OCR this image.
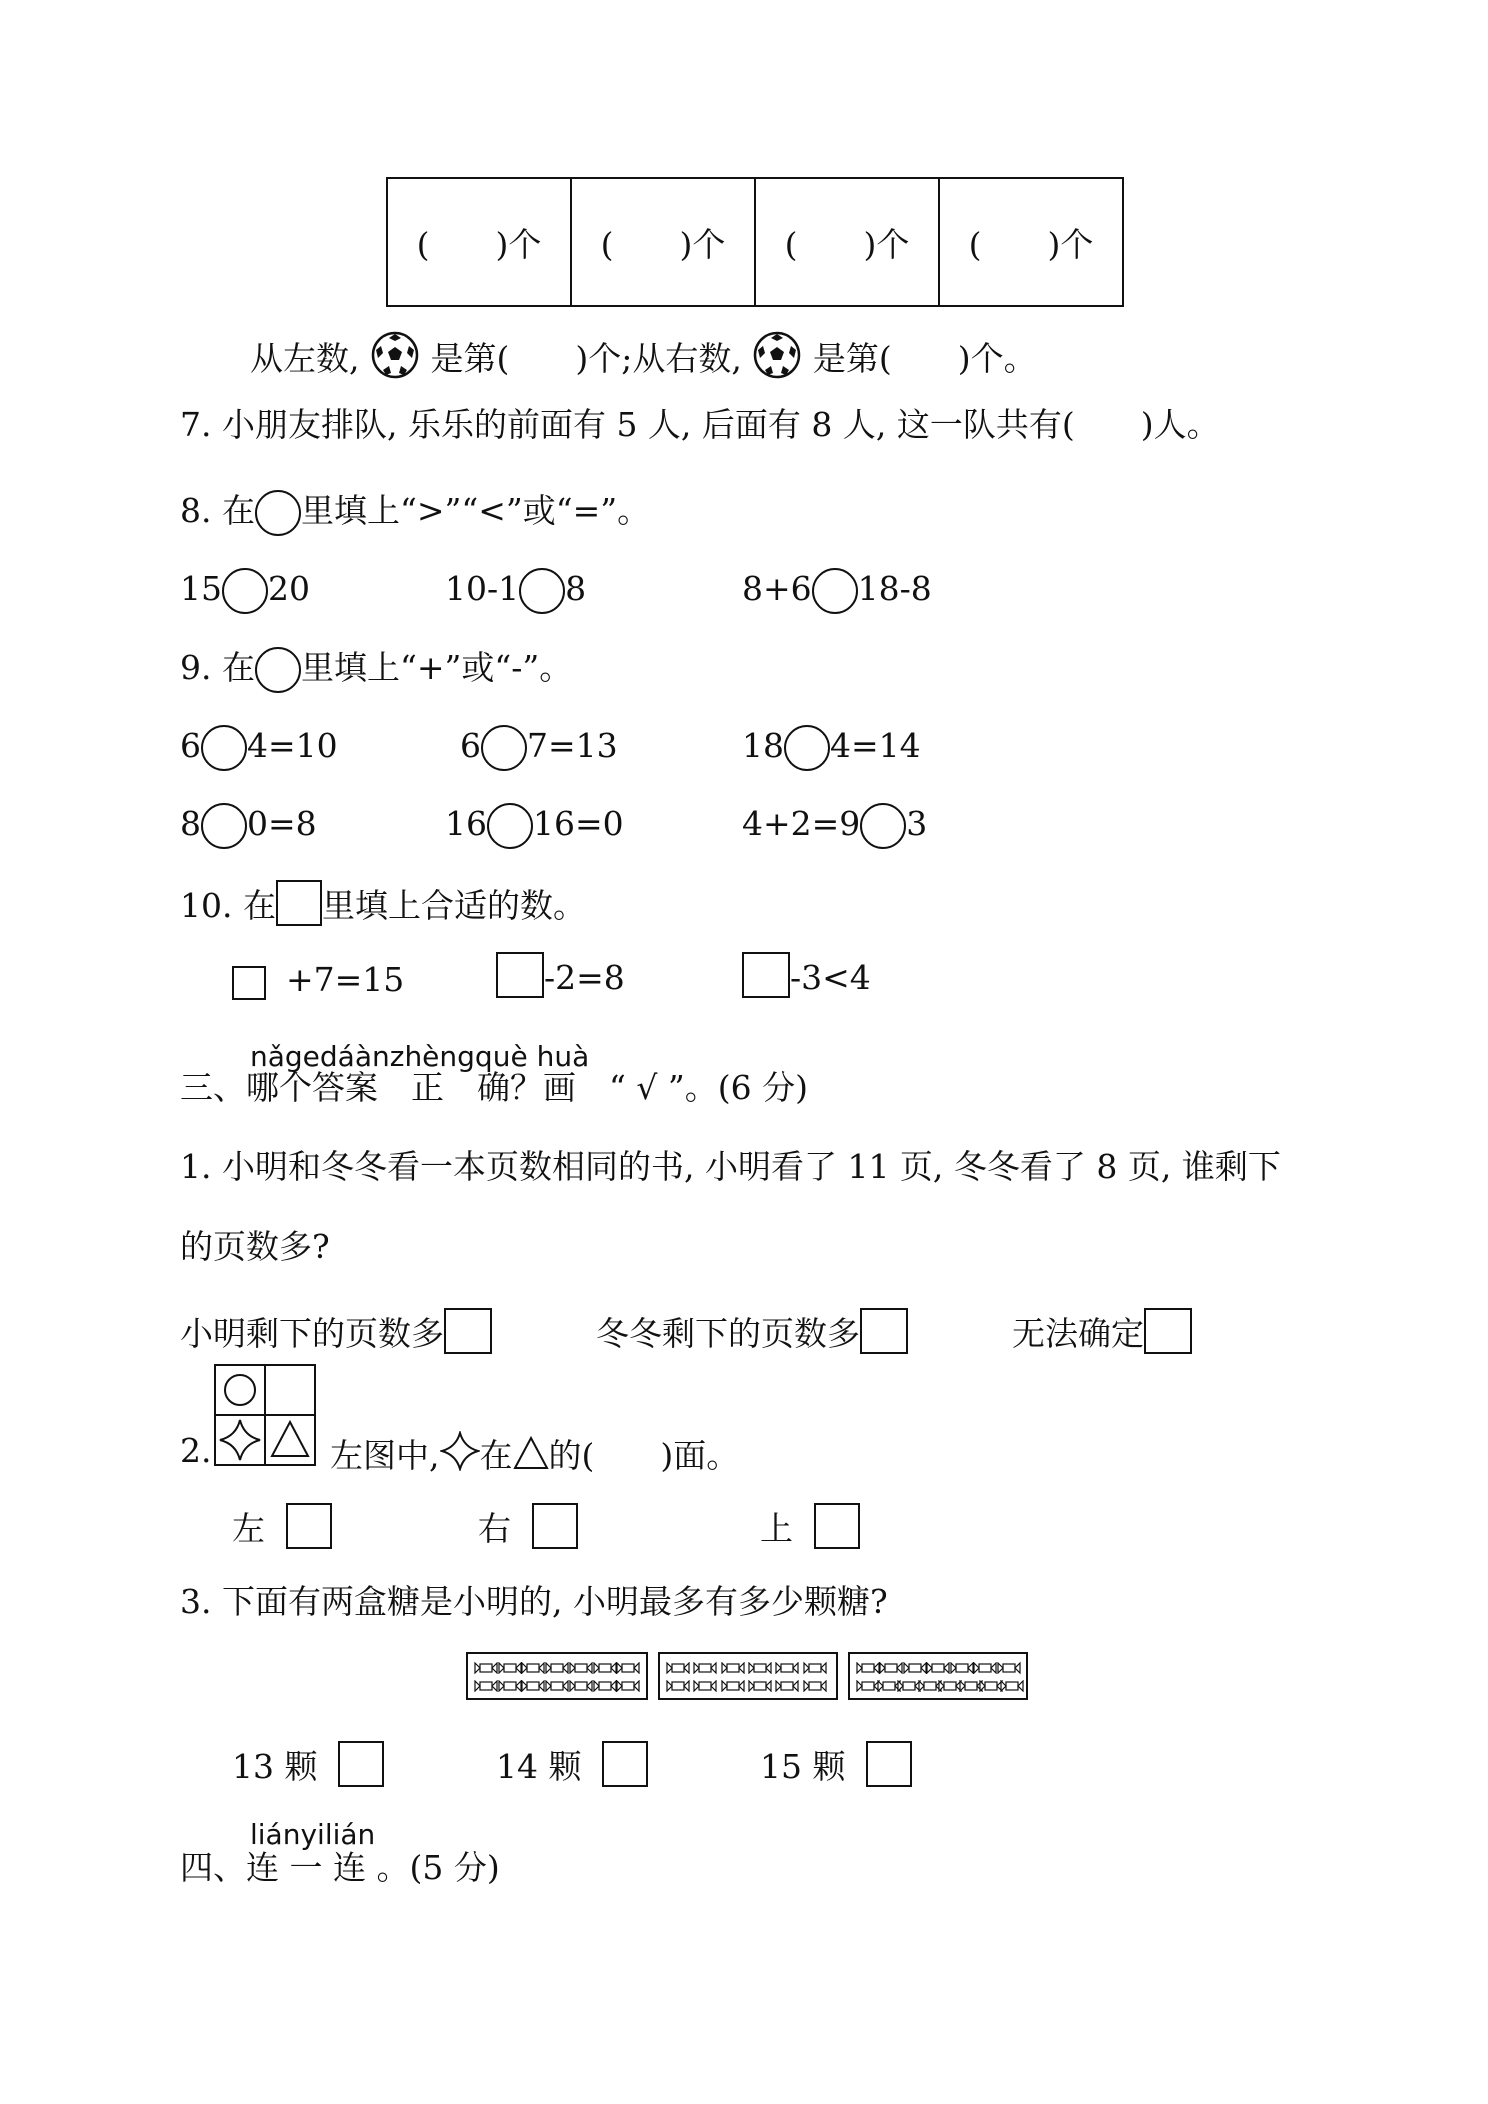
(　　)个	(　　)个	(　　)个	(　　)个
从左数, 是第(　　)个;从右数, 是第(　　)个。
7. 小朋友排队, 乐乐的前面有 5 人, 后面有 8 人, 这一队共有(　　)人。
8. 在 里填上“>”“<”或“=”。
15 20	10-1 8	8+6 18-8
9. 在 里填上“+”或“-”。
6 4=10	6 7=13	18 4=14
8 0=8	16 16=0	4+2=9 3
10. 在 里填上合适的数。
+7=15	-2=8	-3<4
nǎgedáànzhèngquè huà
三、哪个答案　正　确？画　“ √ ”。(6 分)
1. 小明和冬冬看一本页数相同的书, 小明看了 11 页, 冬冬看了 8 页, 谁剩下
的页数多?
小明剩下的页数多	冬冬剩下的页数多	无法确定
2.	左图中, 在 的(　　)面。
左	右	上
3. 下面有两盒糖是小明的, 小明最多有多少颗糖?
13 颗	14 颗	15 颗
liányilián
四、连 一 连 。(5 分)
